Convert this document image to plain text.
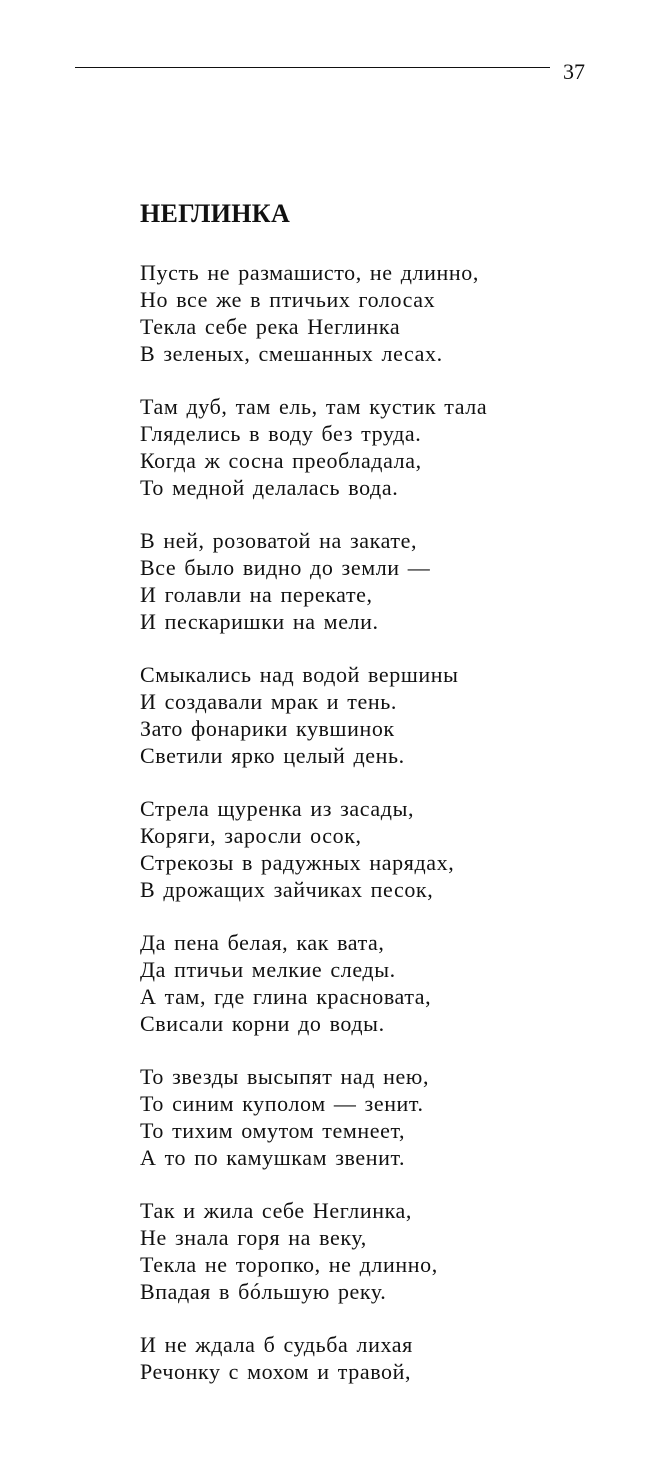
37
НЕГЛИНКА
Пусть не размашисто, не длинно,
Но все же в птичьих голосах
Текла себе река Неглинка
В зеленых, смешанных лесах.
Там дуб, там ель, там кустик тала
Гляделись в воду без труда.
Когда ж сосна преобладала,
То медной делалась вода.
В ней, розоватой на закате,
Все было видно до земли —
И голавли на перекате,
И пескаришки на мели.
Смыкались над водой вершины
И создавали мрак и тень.
Зато фонарики кувшинок
Светили ярко целый день.
Стрела щуренка из засады,
Коряги, заросли осок,
Стрекозы в радужных нарядах,
В дрожащих зайчиках песок,
Да пена белая, как вата,
Да птичьи мелкие следы.
А там, где глина красновата,
Свисали корни до воды.
То звезды высыпят над нею,
То синим куполом — зенит.
То тихим омутом темнеет,
А то по камушкам звенит.
Так и жила себе Неглинка,
Не знала горя на веку,
Текла не торопко, не длинно,
Впадая в бóльшую реку.
И не ждала б судьба лихая
Речонку с мохом и травой,
